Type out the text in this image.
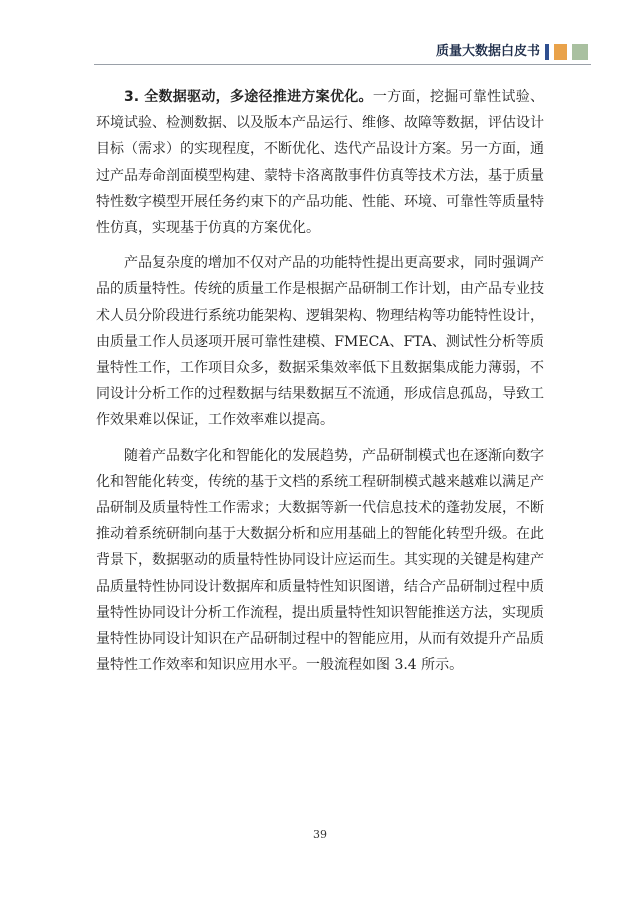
质量大数据白皮书

3. 全数据驱动，多途径推进方案优化。一方面，挖掘可靠性试验、环境试验、检测数据、以及版本产品运行、维修、故障等数据，评估设计目标（需求）的实现程度，不断优化、迭代产品设计方案。另一方面，通过产品寿命剖面模型构建、蒙特卡洛离散事件仿真等技术方法，基于质量特性数字模型开展任务约束下的产品功能、性能、环境、可靠性等质量特性仿真，实现基于仿真的方案优化。

产品复杂度的增加不仅对产品的功能特性提出更高要求，同时强调产品的质量特性。传统的质量工作是根据产品研制工作计划，由产品专业技术人员分阶段进行系统功能架构、逻辑架构、物理结构等功能特性设计，由质量工作人员逐项开展可靠性建模、FMECA、FTA、测试性分析等质量特性工作，工作项目众多，数据采集效率低下且数据集成能力薄弱，不同设计分析工作的过程数据与结果数据互不流通，形成信息孤岛，导致工作效果难以保证，工作效率难以提高。

随着产品数字化和智能化的发展趋势，产品研制模式也在逐渐向数字化和智能化转变，传统的基于文档的系统工程研制模式越来越难以满足产品研制及质量特性工作需求；大数据等新一代信息技术的蓬勃发展，不断推动着系统研制向基于大数据分析和应用基础上的智能化转型升级。在此背景下，数据驱动的质量特性协同设计应运而生。其实现的关键是构建产品质量特性协同设计数据库和质量特性知识图谱，结合产品研制过程中质量特性协同设计分析工作流程，提出质量特性知识智能推送方法，实现质量特性协同设计知识在产品研制过程中的智能应用，从而有效提升产品质量特性工作效率和知识应用水平。一般流程如图 3.4 所示。

39
